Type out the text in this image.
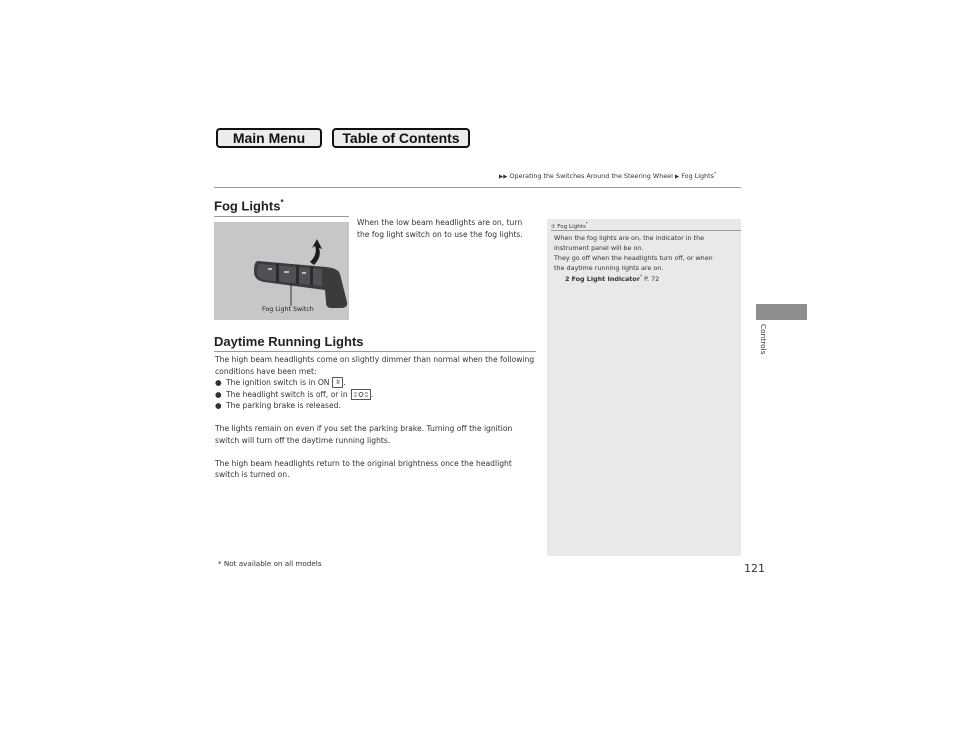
Main Menu	Table of Contents
▶▶ Operating the Switches Around the Steering Wheel ▶ Fog Lights*
Fog Lights*
When the low beam headlights are on, turn
the fog light switch on to use the fog lights.
Fog Light Switch
Daytime Running Lights
The high beam headlights come on slightly dimmer than normal when the following
conditions have been met:
● The ignition switch is in ON	II .
● The headlight switch is off, or in	.
● The parking brake is released.
The lights remain on even if you set the parking brake. Turning off the ignition
switch will turn off the daytime running lights.
The high beam headlights return to the original brightness once the headlight
switch is turned on.
① Fog Lights*
When the fog lights are on, the indicator in the
instrument panel will be on.
They go off when the headlights turn off, or when
the daytime running lights are on.
2 Fog Light Indicator* P. 72
Controls
121
* Not available on all models
